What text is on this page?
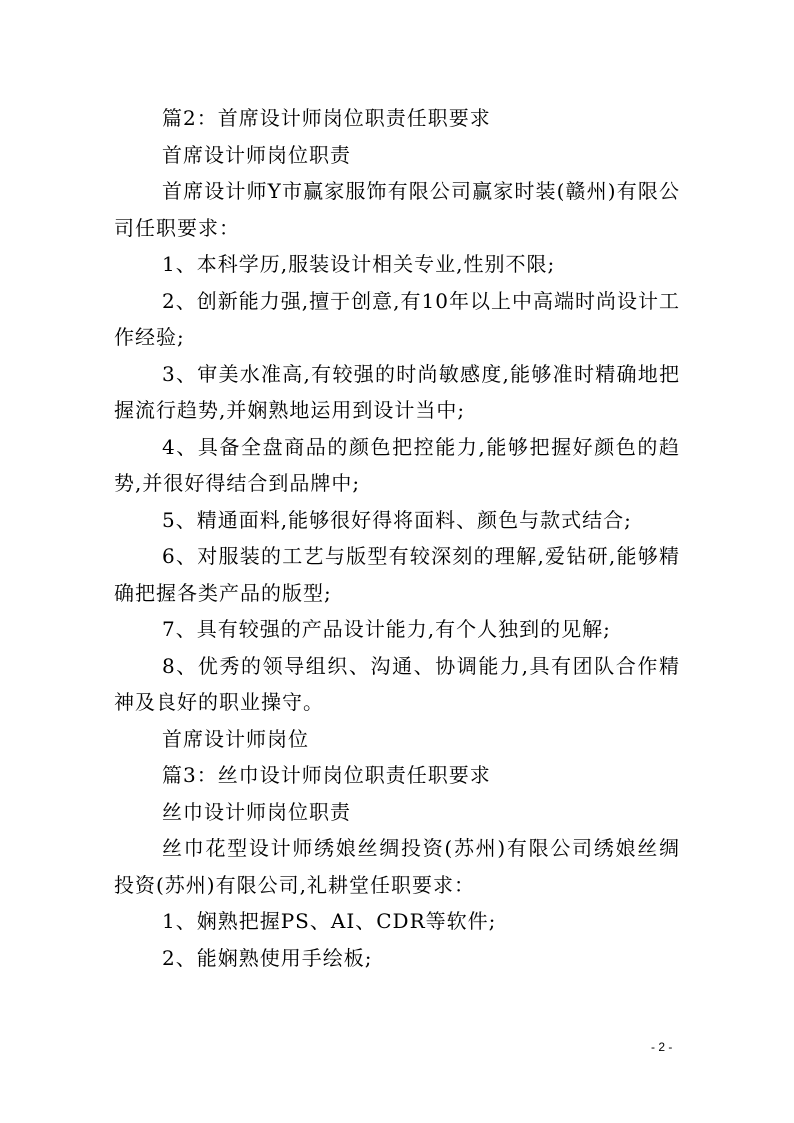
篇2：首席设计师岗位职责任职要求

首席设计师岗位职责

首席设计师Y市赢家服饰有限公司赢家时装(赣州)有限公司任职要求：

1、本科学历,服装设计相关专业,性别不限;

2、创新能力强,擅于创意,有10年以上中高端时尚设计工作经验;

3、审美水准高,有较强的时尚敏感度,能够准时精确地把握流行趋势,并娴熟地运用到设计当中;

4、具备全盘商品的颜色把控能力,能够把握好颜色的趋势,并很好得结合到品牌中;

5、精通面料,能够很好得将面料、颜色与款式结合;

6、对服装的工艺与版型有较深刻的理解,爱钻研,能够精确把握各类产品的版型;

7、具有较强的产品设计能力,有个人独到的见解;

8、优秀的领导组织、沟通、协调能力,具有团队合作精神及良好的职业操守。

首席设计师岗位

篇3：丝巾设计师岗位职责任职要求

丝巾设计师岗位职责

丝巾花型设计师绣娘丝绸投资(苏州)有限公司绣娘丝绸投资(苏州)有限公司,礼耕堂任职要求：

1、娴熟把握PS、AI、CDR等软件;

2、能娴熟使用手绘板;

- 2 -
